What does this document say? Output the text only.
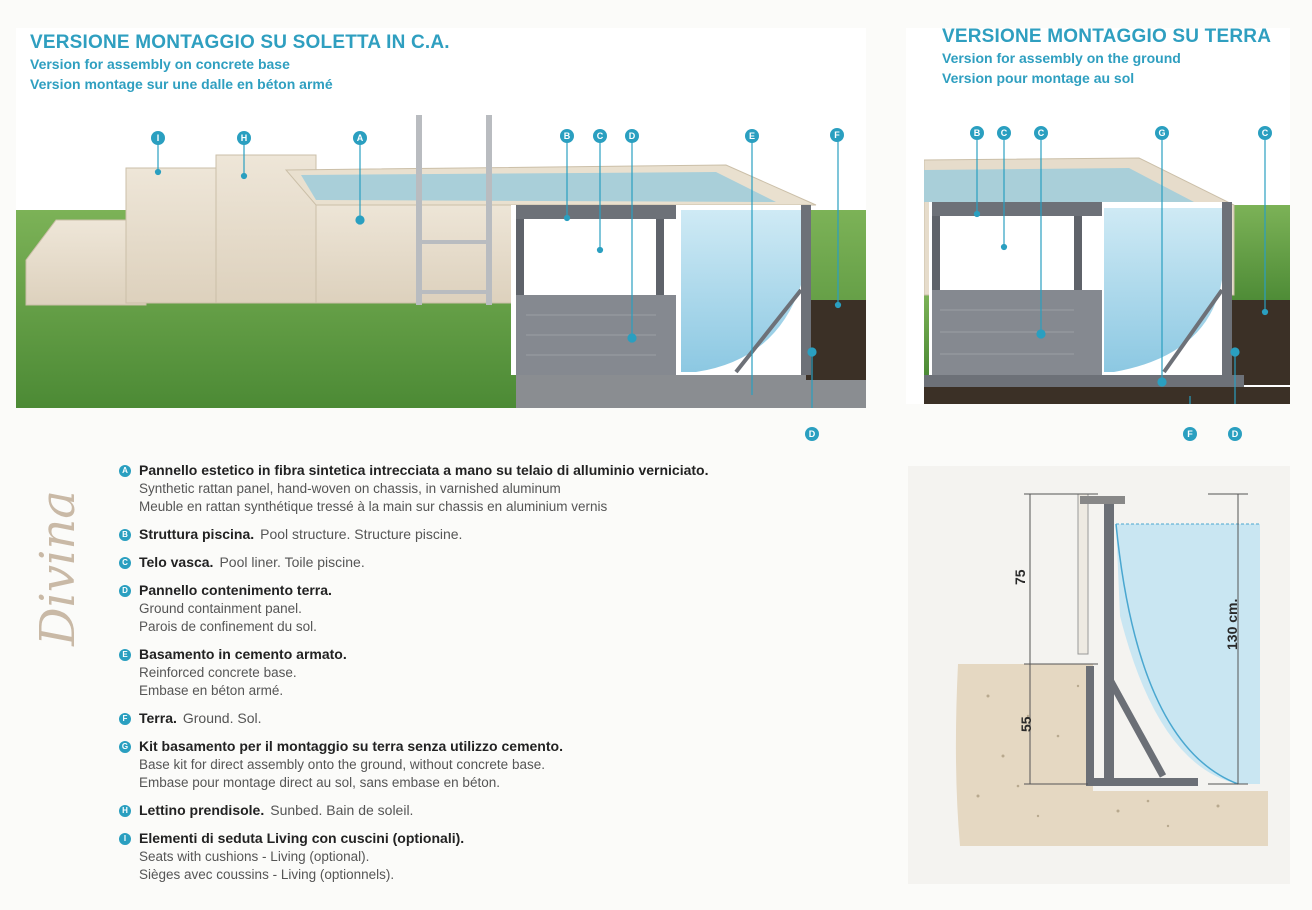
VERSIONE MONTAGGIO SU SOLETTA IN C.A.
Version for assembly on concrete base
Version montage sur une dalle en béton armé
I	H	A	B	C	D	E	F
D
VERSIONE MONTAGGIO SU TERRA
Version for assembly on the ground
Version pour montage au sol
B	C	C	G	C
F	D
75
55
130 cm.
Divina
A Pannello estetico in fibra sintetica intrecciata a mano su telaio di alluminio verniciato.
Synthetic rattan panel, hand-woven on chassis, in varnished aluminum
Meuble en rattan synthétique tressé à la main sur chassis en aluminium vernis
B Struttura piscina. Pool structure. Structure piscine.
C Telo vasca. Pool liner. Toile piscine.
D Pannello contenimento terra.
Ground containment panel.
Parois de confinement du sol.
E Basamento in cemento armato.
Reinforced concrete base.
Embase en béton armé.
F Terra. Ground. Sol.
G Kit basamento per il montaggio su terra senza utilizzo cemento.
Base kit for direct assembly onto the ground, without concrete base.
Embase pour montage direct au sol, sans embase en béton.
H Lettino prendisole. Sunbed. Bain de soleil.
I Elementi di seduta Living con cuscini (optionali).
Seats with cushions - Living (optional).
Sièges avec coussins - Living (optionnels).
